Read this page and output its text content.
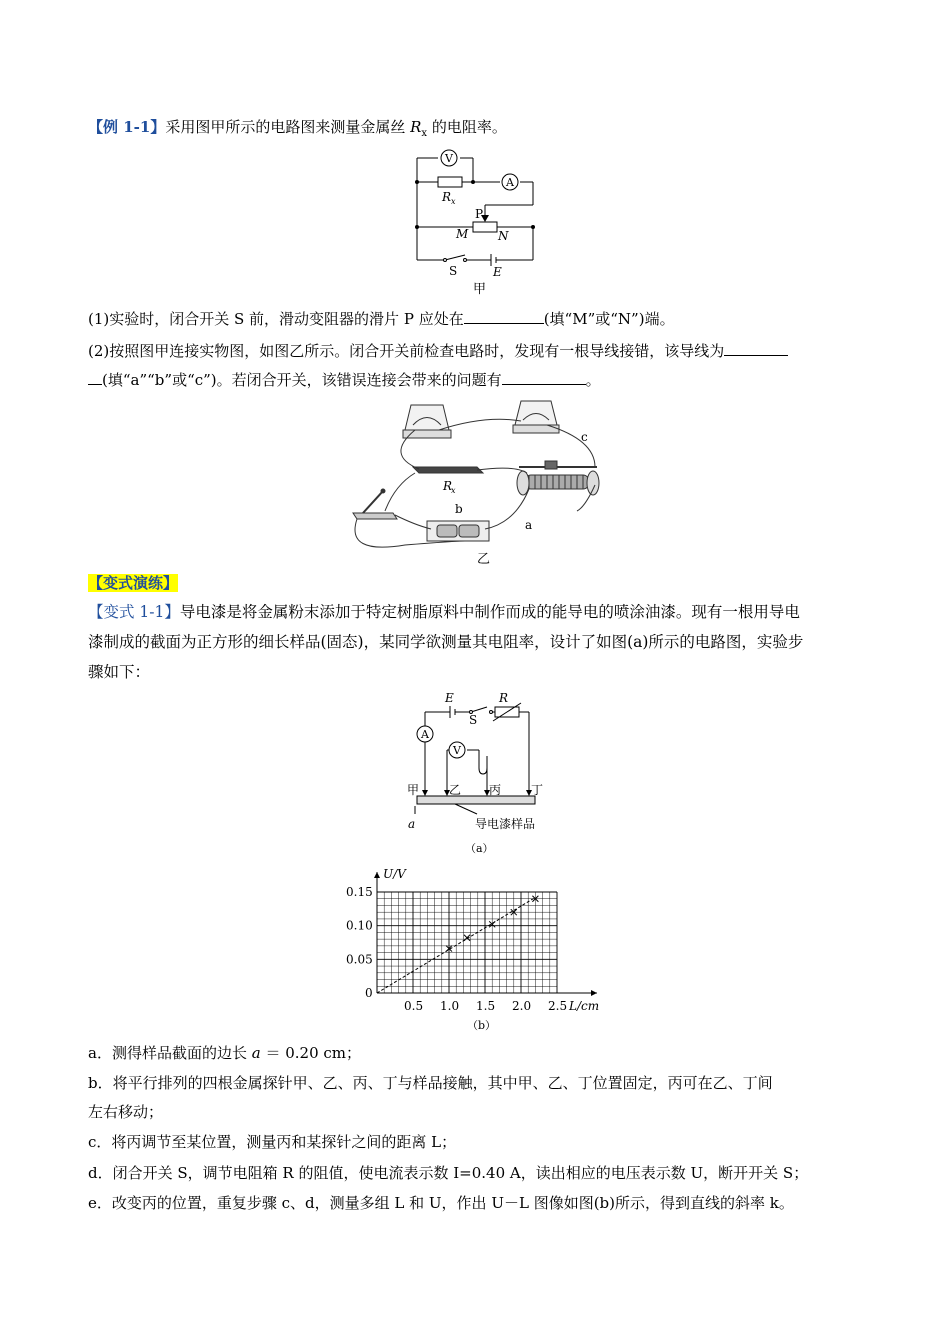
【例 1-1】采用图甲所示的电路图来测量金属丝 $R_x$ 的电阻率。
V
A
R x
P
M N
S	E
甲
(1)实验时，闭合开关 S 前，滑动变阻器的滑片 P 应处在	(填“M”或“N”)端。
(2)按照图甲连接实物图，如图乙所示。闭合开关前检查电路时，发现有一根导线接错，该导线为
(填“a”“b”或“c”)。若闭合开关，该错误连接会带来的问题有	。
R
x
c
b
a
乙
【变式演练】
【变式 1-1】导电漆是将金属粉末添加于特定树脂原料中制作而成的能导电的喷涂油漆。现有一根用导电
漆制成的截面为正方形的细长样品(固态)，某同学欲测量其电阻率，设计了如图(a)所示的电路图，实验步
骤如下：
E
S
R
A
V
甲 乙 丙 丁
a	导电漆样品
（a）
0.5 1.0 1.5 2.0 2.5
0.15
0.10
0.05
0
U/V
L/cm
（b）
a．测得样品截面的边长 a ＝ 0.20 cm；
b．将平行排列的四根金属探针甲、乙、丙、丁与样品接触，其中甲、乙、丁位置固定，丙可在乙、丁间
左右移动；
c．将丙调节至某位置，测量丙和某探针之间的距离 L；
d．闭合开关 S，调节电阻箱 R 的阻值，使电流表示数 I=0.40 A，读出相应的电压表示数 U，断开开关 S；
e．改变丙的位置，重复步骤 c、d，测量多组 L 和 U，作出 U－L 图像如图(b)所示，得到直线的斜率 k。
